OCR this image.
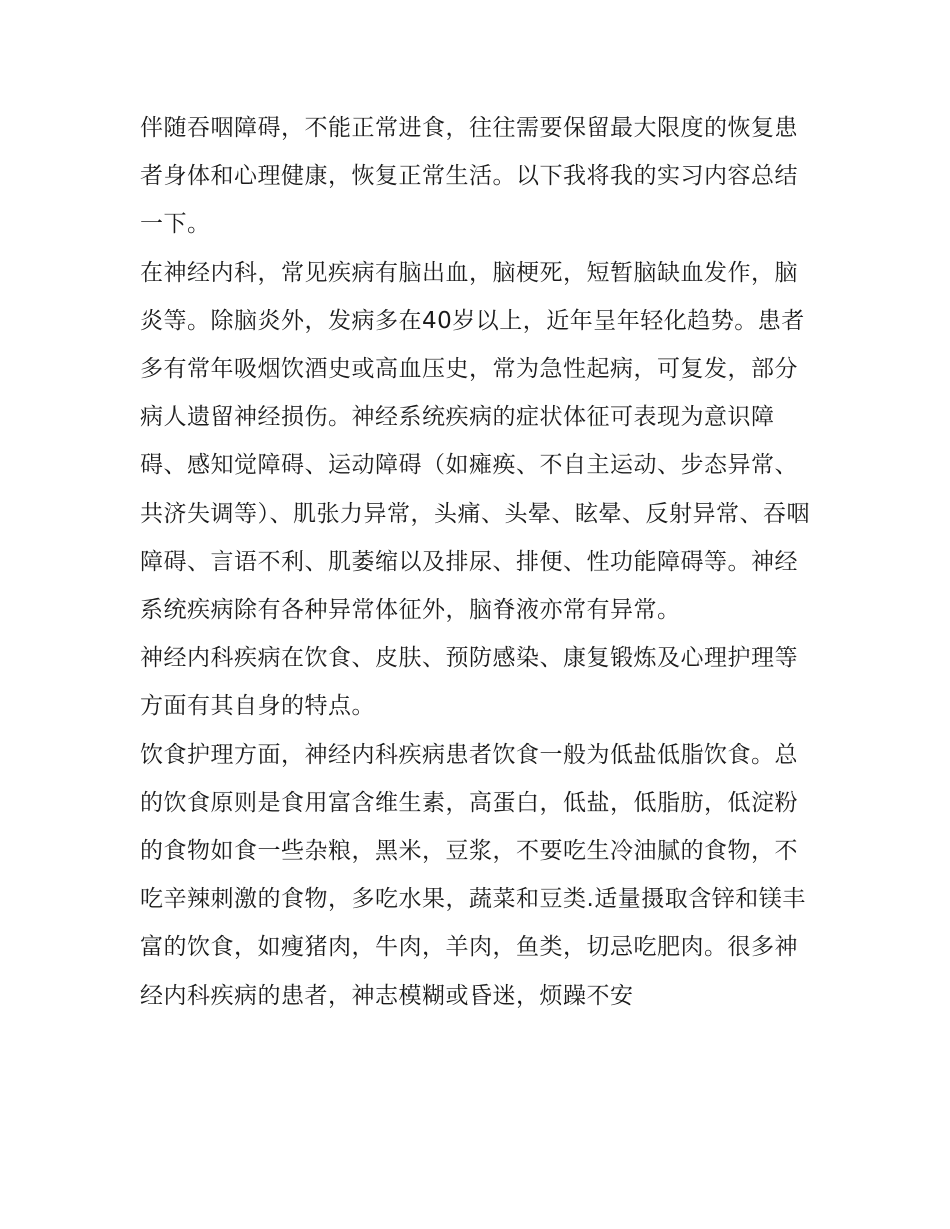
伴随吞咽障碍，不能正常进食，往往需要保留最大限度的恢复患者身体和心理健康，恢复正常生活。以下我将我的实习内容总结一下。

在神经内科，常见疾病有脑出血，脑梗死，短暂脑缺血发作，脑炎等。除脑炎外，发病多在40岁以上，近年呈年轻化趋势。患者多有常年吸烟饮酒史或高血压史，常为急性起病，可复发，部分病人遗留神经损伤。神经系统疾病的症状体征可表现为意识障碍、感知觉障碍、运动障碍（如瘫痪、不自主运动、步态异常、共济失调等）、肌张力异常，头痛、头晕、眩晕、反射异常、吞咽障碍、言语不利、肌萎缩以及排尿、排便、性功能障碍等。神经系统疾病除有各种异常体征外，脑脊液亦常有异常。

神经内科疾病在饮食、皮肤、预防感染、康复锻炼及心理护理等方面有其自身的特点。

饮食护理方面，神经内科疾病患者饮食一般为低盐低脂饮食。总的饮食原则是食用富含维生素，高蛋白，低盐，低脂肪，低淀粉的食物如食一些杂粮，黑米，豆浆，不要吃生冷油腻的食物，不吃辛辣刺激的食物，多吃水果，蔬菜和豆类.适量摄取含锌和镁丰富的饮食，如瘦猪肉，牛肉，羊肉，鱼类，切忌吃肥肉。很多神经内科疾病的患者，神志模糊或昏迷，烦躁不安
